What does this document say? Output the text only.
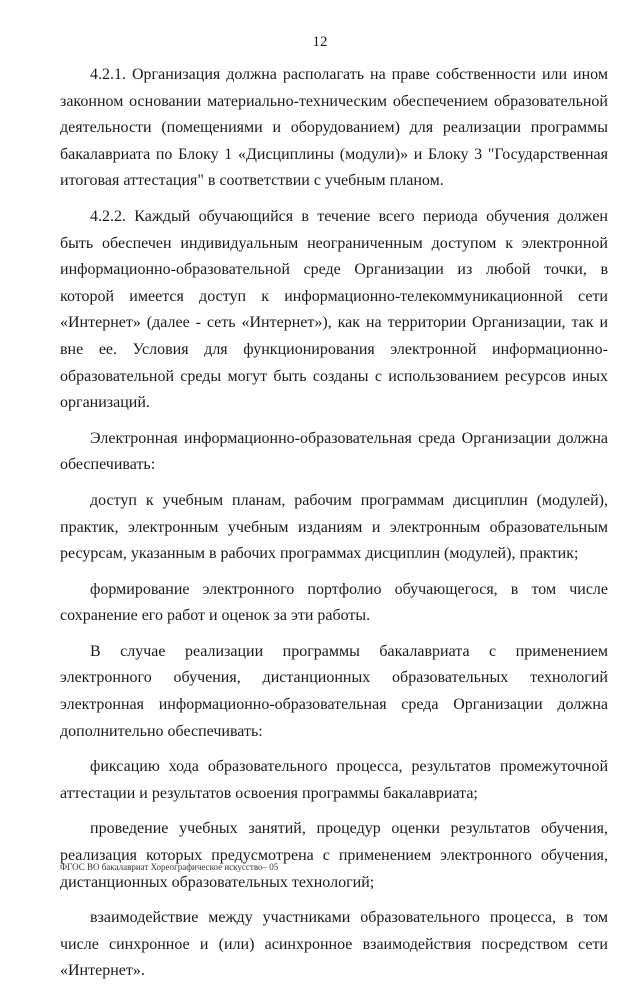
12

4.2.1. Организация должна располагать на праве собственности или ином законном основании материально-техническим обеспечением образовательной деятельности (помещениями и оборудованием) для реализации программы бакалавриата по Блоку 1 «Дисциплины (модули)» и Блоку 3 "Государственная итоговая аттестация" в соответствии с учебным планом.

4.2.2. Каждый обучающийся в течение всего периода обучения должен быть обеспечен индивидуальным неограниченным доступом к электронной информационно-образовательной среде Организации из любой точки, в которой имеется доступ к информационно-телекоммуникационной сети «Интернет» (далее - сеть «Интернет»), как на территории Организации, так и вне ее. Условия для функционирования электронной информационно-образовательной среды могут быть созданы с использованием ресурсов иных организаций.

Электронная информационно-образовательная среда Организации должна обеспечивать:

доступ к учебным планам, рабочим программам дисциплин (модулей), практик, электронным учебным изданиям и электронным образовательным ресурсам, указанным в рабочих программах дисциплин (модулей), практик;

формирование электронного портфолио обучающегося, в том числе сохранение его работ и оценок за эти работы.

В случае реализации программы бакалавриата с применением электронного обучения, дистанционных образовательных технологий электронная информационно-образовательная среда Организации должна дополнительно обеспечивать:

фиксацию хода образовательного процесса, результатов промежуточной аттестации и результатов освоения программы бакалавриата;

проведение учебных занятий, процедур оценки результатов обучения, реализация которых предусмотрена с применением электронного обучения, дистанционных образовательных технологий;

взаимодействие между участниками образовательного процесса, в том числе синхронное и (или) асинхронное взаимодействия посредством сети «Интернет».

ФГОС ВО бакалавриат Хореографическое искусство– 05
